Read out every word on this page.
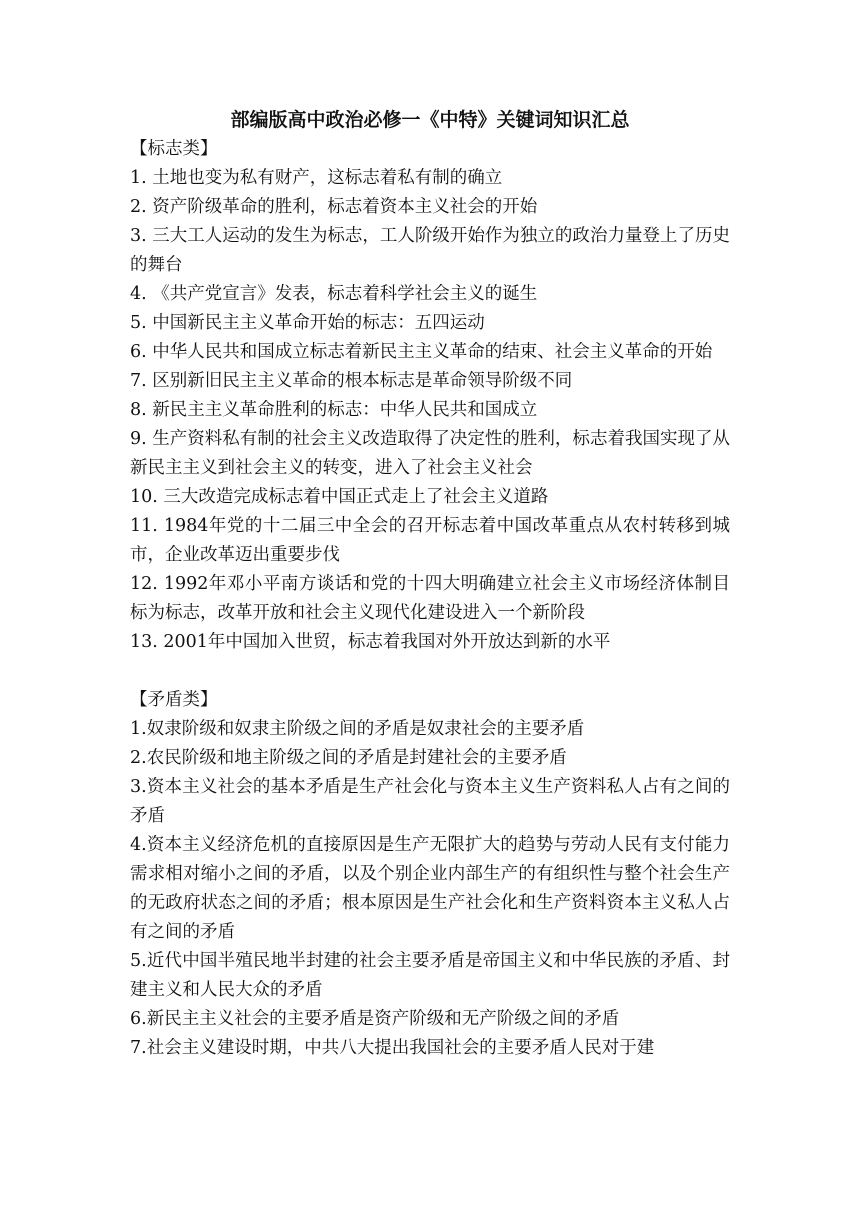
部编版高中政治必修一《中特》关键词知识汇总

【标志类】

1. 土地也变为私有财产，这标志着私有制的确立

2. 资产阶级革命的胜利，标志着资本主义社会的开始

3. 三大工人运动的发生为标志，工人阶级开始作为独立的政治力量登上了历史的舞台

4. 《共产党宣言》发表，标志着科学社会主义的诞生

5. 中国新民主主义革命开始的标志：五四运动

6. 中华人民共和国成立标志着新民主主义革命的结束、社会主义革命的开始

7. 区别新旧民主主义革命的根本标志是革命领导阶级不同

8. 新民主主义革命胜利的标志：中华人民共和国成立

9. 生产资料私有制的社会主义改造取得了决定性的胜利，标志着我国实现了从新民主主义到社会主义的转变，进入了社会主义社会

10. 三大改造完成标志着中国正式走上了社会主义道路

11. 1984年党的十二届三中全会的召开标志着中国改革重点从农村转移到城市，企业改革迈出重要步伐

12. 1992年邓小平南方谈话和党的十四大明确建立社会主义市场经济体制目标为标志，改革开放和社会主义现代化建设进入一个新阶段

13. 2001年中国加入世贸，标志着我国对外开放达到新的水平

【矛盾类】

1.奴隶阶级和奴隶主阶级之间的矛盾是奴隶社会的主要矛盾

2.农民阶级和地主阶级之间的矛盾是封建社会的主要矛盾

3.资本主义社会的基本矛盾是生产社会化与资本主义生产资料私人占有之间的矛盾

4.资本主义经济危机的直接原因是生产无限扩大的趋势与劳动人民有支付能力需求相对缩小之间的矛盾，以及个别企业内部生产的有组织性与整个社会生产的无政府状态之间的矛盾；根本原因是生产社会化和生产资料资本主义私人占有之间的矛盾

5.近代中国半殖民地半封建的社会主要矛盾是帝国主义和中华民族的矛盾、封建主义和人民大众的矛盾

6.新民主主义社会的主要矛盾是资产阶级和无产阶级之间的矛盾

7.社会主义建设时期，中共八大提出我国社会的主要矛盾人民对于建
